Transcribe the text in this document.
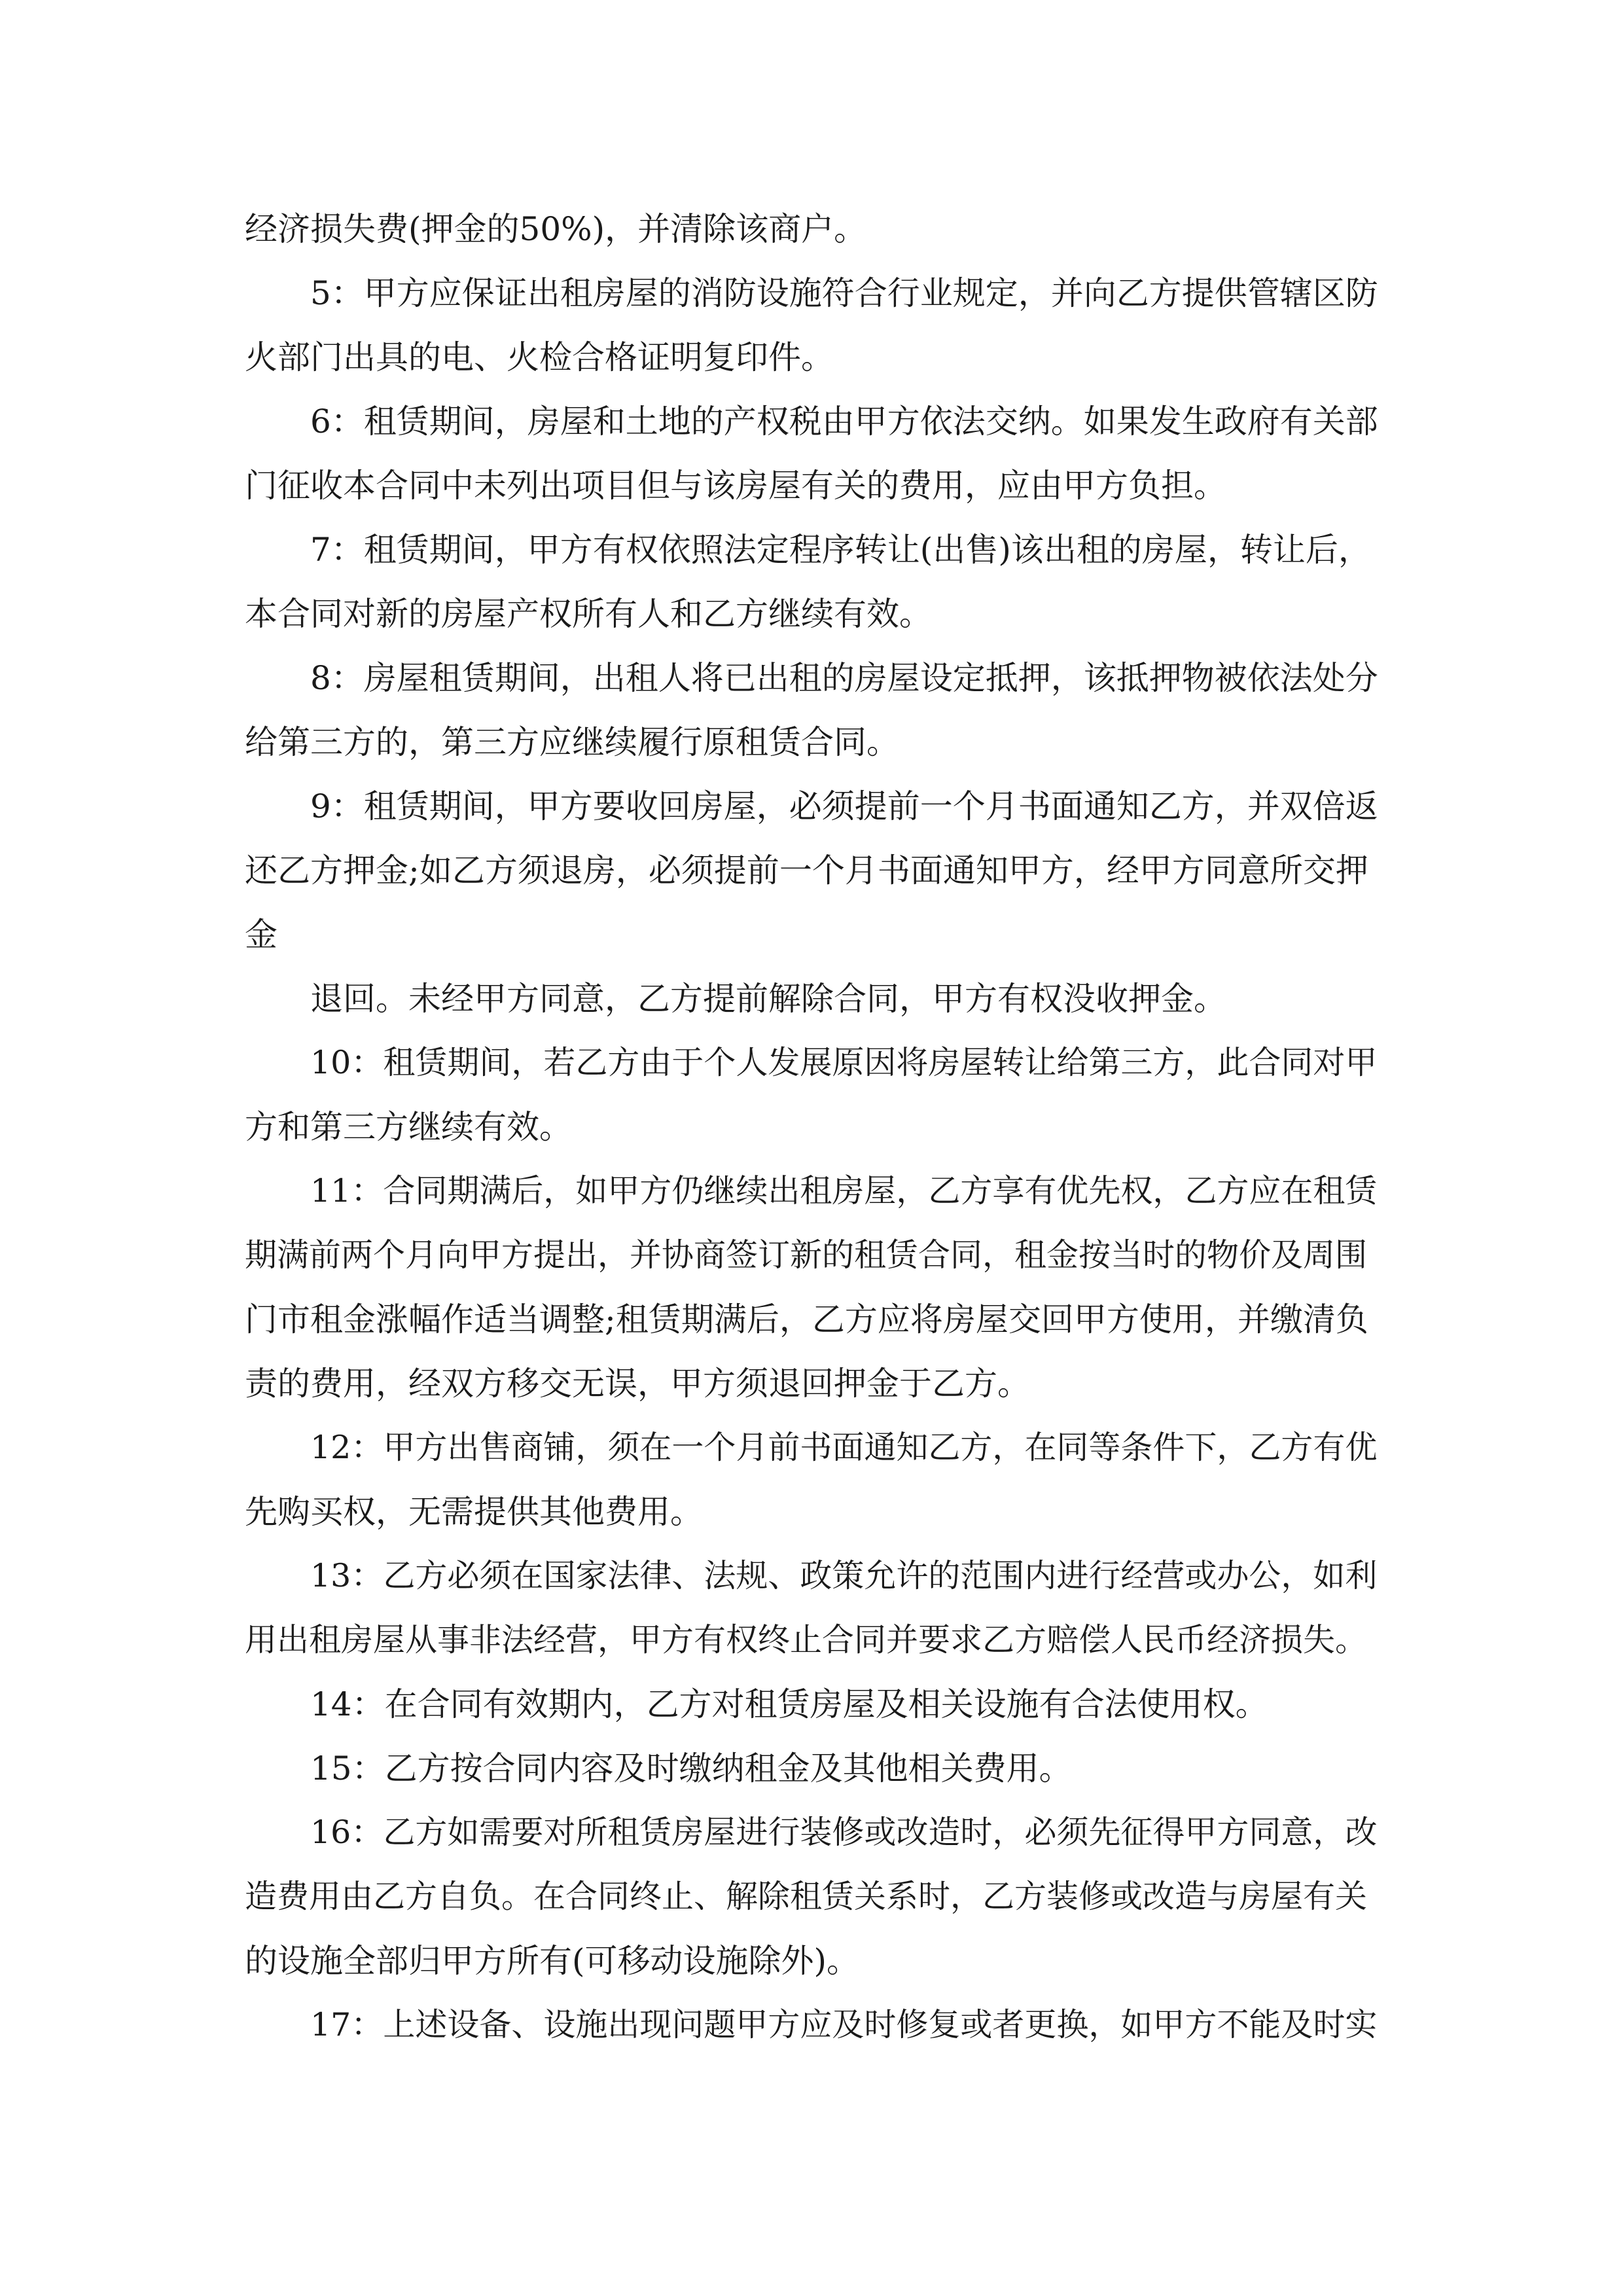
经济损失费(押金的50%)，并清除该商户。

5：甲方应保证出租房屋的消防设施符合行业规定，并向乙方提供管辖区防

火部门出具的电、火检合格证明复印件。

6：租赁期间，房屋和土地的产权税由甲方依法交纳。如果发生政府有关部

门征收本合同中未列出项目但与该房屋有关的费用，应由甲方负担。

7：租赁期间，甲方有权依照法定程序转让(出售)该出租的房屋，转让后，

本合同对新的房屋产权所有人和乙方继续有效。

8：房屋租赁期间，出租人将已出租的房屋设定抵押，该抵押物被依法处分

给第三方的，第三方应继续履行原租赁合同。

9：租赁期间，甲方要收回房屋，必须提前一个月书面通知乙方，并双倍返

还乙方押金;如乙方须退房，必须提前一个月书面通知甲方，经甲方同意所交押

金

退回。未经甲方同意，乙方提前解除合同，甲方有权没收押金。

10：租赁期间，若乙方由于个人发展原因将房屋转让给第三方，此合同对甲

方和第三方继续有效。

11：合同期满后，如甲方仍继续出租房屋，乙方享有优先权，乙方应在租赁

期满前两个月向甲方提出，并协商签订新的租赁合同，租金按当时的物价及周围

门市租金涨幅作适当调整;租赁期满后，乙方应将房屋交回甲方使用，并缴清负

责的费用，经双方移交无误，甲方须退回押金于乙方。

12：甲方出售商铺，须在一个月前书面通知乙方，在同等条件下，乙方有优

先购买权，无需提供其他费用。

13：乙方必须在国家法律、法规、政策允许的范围内进行经营或办公，如利

用出租房屋从事非法经营，甲方有权终止合同并要求乙方赔偿人民币经济损失。

14：在合同有效期内，乙方对租赁房屋及相关设施有合法使用权。

15：乙方按合同内容及时缴纳租金及其他相关费用。

16：乙方如需要对所租赁房屋进行装修或改造时，必须先征得甲方同意，改

造费用由乙方自负。在合同终止、解除租赁关系时，乙方装修或改造与房屋有关

的设施全部归甲方所有(可移动设施除外)。

17：上述设备、设施出现问题甲方应及时修复或者更换，如甲方不能及时实
